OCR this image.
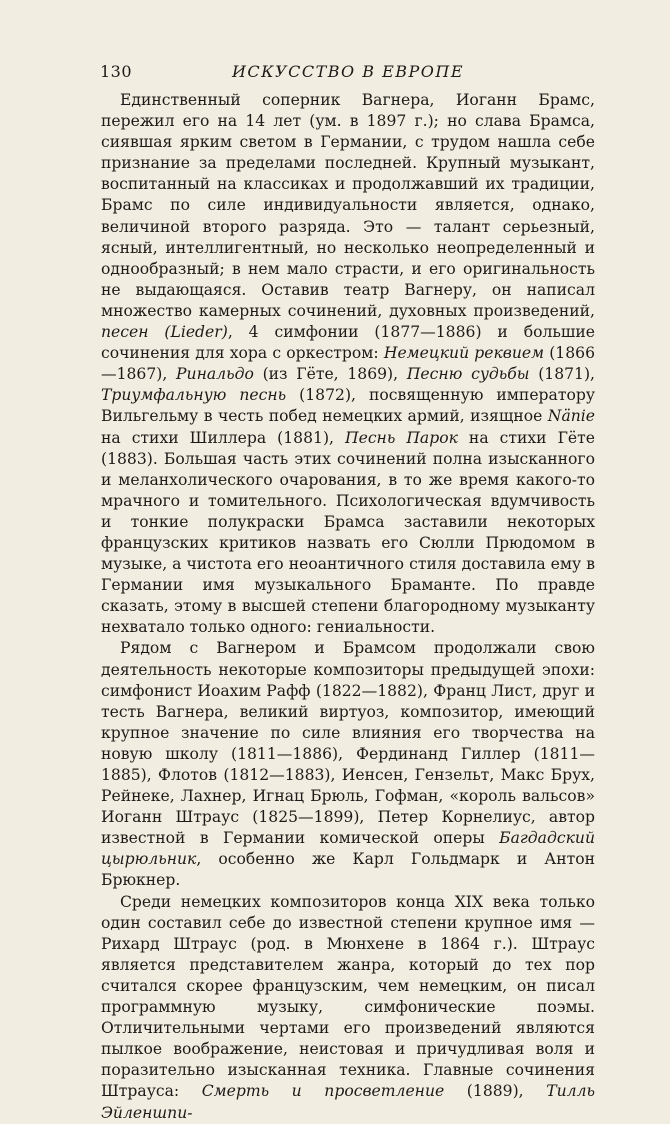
130	ИСКУССТВО В ЕВРОПЕ

Единственный соперник Вагнера, Иоганн Брамс, пережил его на 14 лет (ум. в 1897 г.); но слава Брамса, сиявшая ярким светом в Германии, с трудом нашла себе признание за пределами последней. Крупный музыкант, воспитанный на классиках и продолжавший их традиции, Брамс по силе индивидуальности является, однако, величиной второго разряда. Это — талант серьезный, ясный, интеллигентный, но несколько неопределенный и однообразный; в нем мало страсти, и его оригинальность не выдающаяся. Оставив театр Вагнеру, он написал множество камерных сочинений, духовных произведений, песен (Lieder), 4 симфонии (1877—1886) и большие сочинения для хора с оркестром: Немецкий реквием (1866—1867), Ринальдо (из Гёте, 1869), Песню судьбы (1871), Триумфальную песнь (1872), посвященную императору Вильгельму в честь побед немецких армий, изящное Nänie на стихи Шиллера (1881), Песнь Парок на стихи Гёте (1883). Большая часть этих сочинений полна изысканного и меланхолического очарования, в то же время какого-то мрачного и томительного. Психологическая вдумчивость и тонкие полукраски Брамса заставили некоторых французских критиков назвать его Сюлли Прюдомом в музыке, а чистота его неоантичного стиля доставила ему в Германии имя музыкального Браманте. По правде сказать, этому в высшей степени благородному музыканту нехватало только одного: гениальности.

Рядом с Вагнером и Брамсом продолжали свою деятельность некоторые композиторы предыдущей эпохи: симфонист Иоахим Рафф (1822—1882), Франц Лист, друг и тесть Вагнера, великий виртуоз, композитор, имеющий крупное значение по силе влияния его творчества на новую школу (1811—1886), Фердинанд Гиллер (1811—1885), Флотов (1812—1883), Иенсен, Гензельт, Макс Брух, Рейнеке, Лахнер, Игнац Брюль, Гофман, «король вальсов» Иоганн Штраус (1825—1899), Петер Корнелиус, автор известной в Германии комической оперы Багдадский цырюльник, особенно же Карл Гольдмарк и Антон Брюкнер.

Среди немецких композиторов конца XIX века только один составил себе до известной степени крупное имя — Рихард Штраус (род. в Мюнхене в 1864 г.). Штраус является представителем жанра, который до тех пор считался скорее французским, чем немецким, он писал программную музыку, симфонические поэмы. Отличительными чертами его произведений являются пылкое воображение, неистовая и причудливая воля и поразительно изысканная техника. Главные сочинения Штрауса: Смерть и просветление (1889), Тилль Эйленшпи-
